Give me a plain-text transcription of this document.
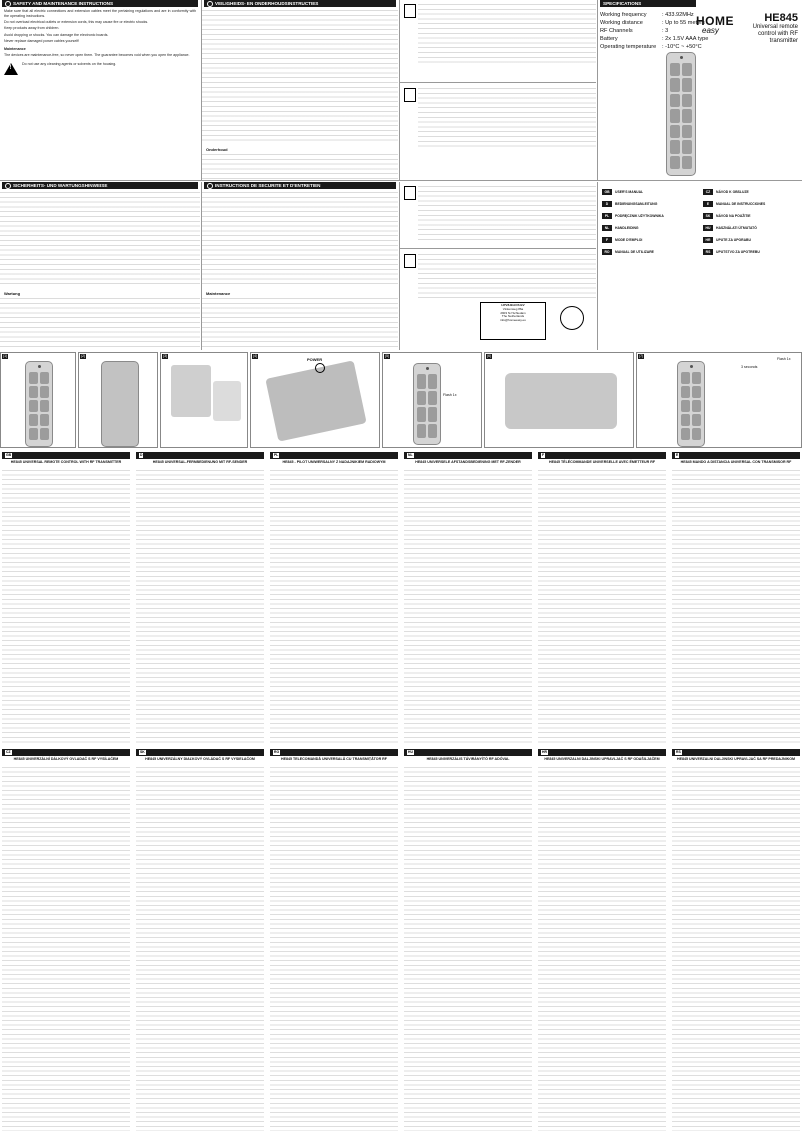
SAFETY AND MAINTENANCE INSTRUCTIONS

Make sure that all electric connections and extension cables meet the pertaining regulations and are in conformity with the operating instructions.

Do not overload electrical outlets or extension cords, this may cause fire or electric shocks.

Keep products away from children.

Avoid dropping or shocks. You can damage the electronic boards.

Never replace damaged power cables yourself!

Maintenance

The devices are maintenance-free, so never open them. The guarantee becomes void when you open the appliance.

!
Do not use any cleaning agents or solvents on the housing.
VEILIGHEIDS- EN ONDERHOUDSINSTRUCTIES
Onderhoud
SPECIFICATIONS
Working frequency	: 433.92MHz
Working distance	: Up to 55 meters
RF Channels	: 3
Battery	: 2x 1.5V AAA type
Operating temperature : -10°C ~ +50°C
HOME
easy
HE845
Universal remote control with RF transmitter
SICHERHEITS- UND WARTUNGSHINWEISE
Wartung
INSTRUCTIONS DE SECURITE ET D'ENTRETIEN
Maintenance
HPV/HELIOS BV
Vinkenweg 86a
2903 NJ Schiedam
The Netherlands
info@homeeasy.eu
GB	USER'S MANUAL	CZ	NÁVOD K OBSLUZE
D	BEDIENUNGSANLEITUNG	E	MANUAL DE INSTRUCCIONES
PL	PODRĘCZNIK UŻYTKOWNIKA	SK	NÁVOD NA POUŽITIE
NL	HANDLEIDING	HU	HASZNÁLATI ÚTMUTATÓ
F	MODE D'EMPLOI	HR	UPUTE ZA UPORABU
RO	MANUAL DE UTILIZARE	RS	UPUTSTVO ZA UPOTREBU
(1)	(2)	(3)	(4)
POWER
(5)
Flash 1x
(6)	(7)
3 seconds
Flash 1x
GB
HE845 UNIVERSAL REMOTE CONTROL WITH RF TRANSMITTER
D
HE845 UNIVERSAL-FERNBEDIENUNG MIT RF-SENDER
PL
HE845 - PILOT UNIWERSALNY Z NADAJNIKIEM RADIOWYM
NL
HE845 UNIVERSELE AFSTANDSBEDIENING MET RF-ZENDER
F
HE845 TÉLÉCOMMANDE UNIVERSELLE AVEC ÉMETTEUR RF
E
HE845 MANDO A DISTANCIA UNIVERSAL CON TRANSMISOR RF
CZ
HE845 UNIVERZÁLNÍ DÁLKOVÝ OVLADAČ S RF VYSÍLAČEM
SK
HE845 UNIVERZÁLNY DIAĽKOVÝ OVLÁDAČ S RF VYSIELAČOM
RO
HE845 TELECOMANDĂ UNIVERSALĂ CU TRANSMIȚĂTOR RF
HU
HE845 UNIVERZÁLIS TÁVIRÁNYÍTÓ RF ADÓVAL
HR
HE845 UNIVERZALNI DALJINSKI UPRAVLJAČ S RF ODAŠILJAČEM
RS
HE845 UNIVERZALNI DALJINSKI UPRAVLJAČ SA RF PREDAJNIKOM
